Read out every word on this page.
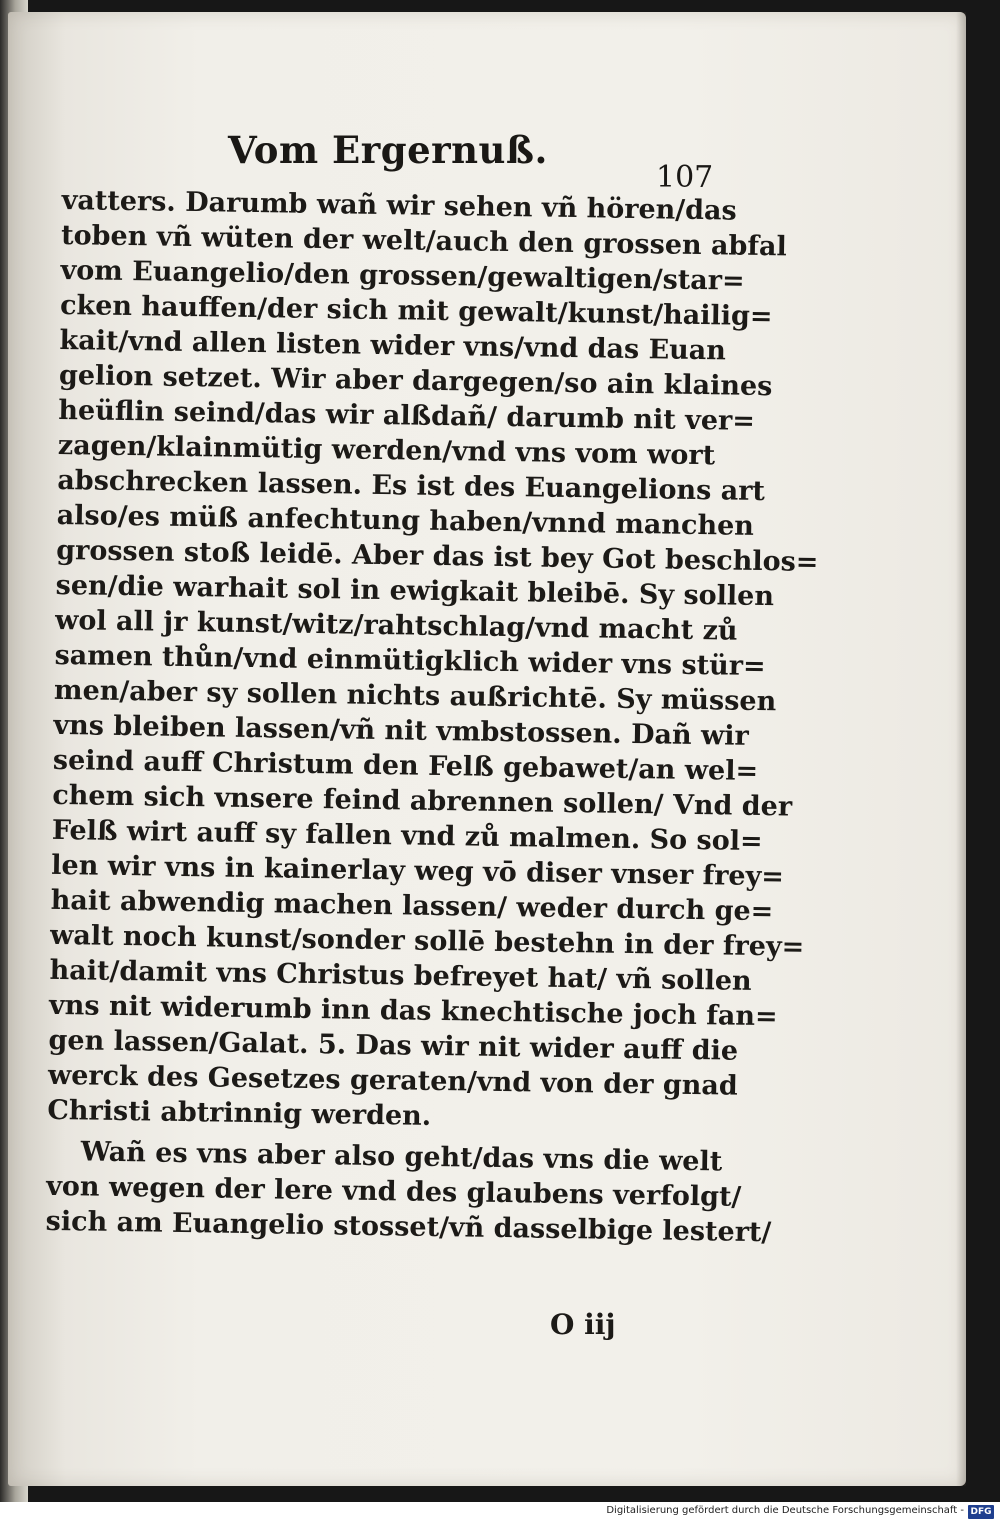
Vom Ergernuß.
107
vatters. Darumb wañ wir sehen vñ hören/das
toben vñ wüten der welt/auch den grossen abfal
vom Euangelio/den grossen/gewaltigen/star=
cken hauffen/der sich mit gewalt/kunst/hailig=
kait/vnd allen listen wider vns/vnd das Euan
gelion setzet. Wir aber dargegen/so ain klaines
heüflin seind/das wir alßdañ/ darumb nit ver=
zagen/klainmütig werden/vnd vns vom wort
abschrecken lassen. Es ist des Euangelions art
also/es müß anfechtung haben/vnnd manchen
grossen stoß leidē. Aber das ist bey Got beschlos=
sen/die warhait sol in ewigkait bleibē. Sy sollen
wol all jr kunst/witz/rahtschlag/vnd macht zů
samen thůn/vnd einmütigklich wider vns stür=
men/aber sy sollen nichts außrichtē. Sy müssen
vns bleiben lassen/vñ nit vmbstossen. Dañ wir
seind auff Christum den Felß gebawet/an wel=
chem sich vnsere feind abrennen sollen/ Vnd der
Felß wirt auff sy fallen vnd zů malmen. So sol=
len wir vns in kainerlay weg vō diser vnser frey=
hait abwendig machen lassen/ weder durch ge=
walt noch kunst/sonder sollē bestehn in der frey=
hait/damit vns Christus befreyet hat/ vñ sollen
vns nit widerumb inn das knechtische joch fan=
gen lassen/Galat. 5. Das wir nit wider auff die
werck des Gesetzes geraten/vnd von der gnad
Christi abtrinnig werden.
Wañ es vns aber also geht/das vns die welt
von wegen der lere vnd des glaubens verfolgt/
sich am Euangelio stosset/vñ dasselbige lestert/
O iij
Digitalisierung gefördert durch die Deutsche Forschungsgemeinschaft - DFG
